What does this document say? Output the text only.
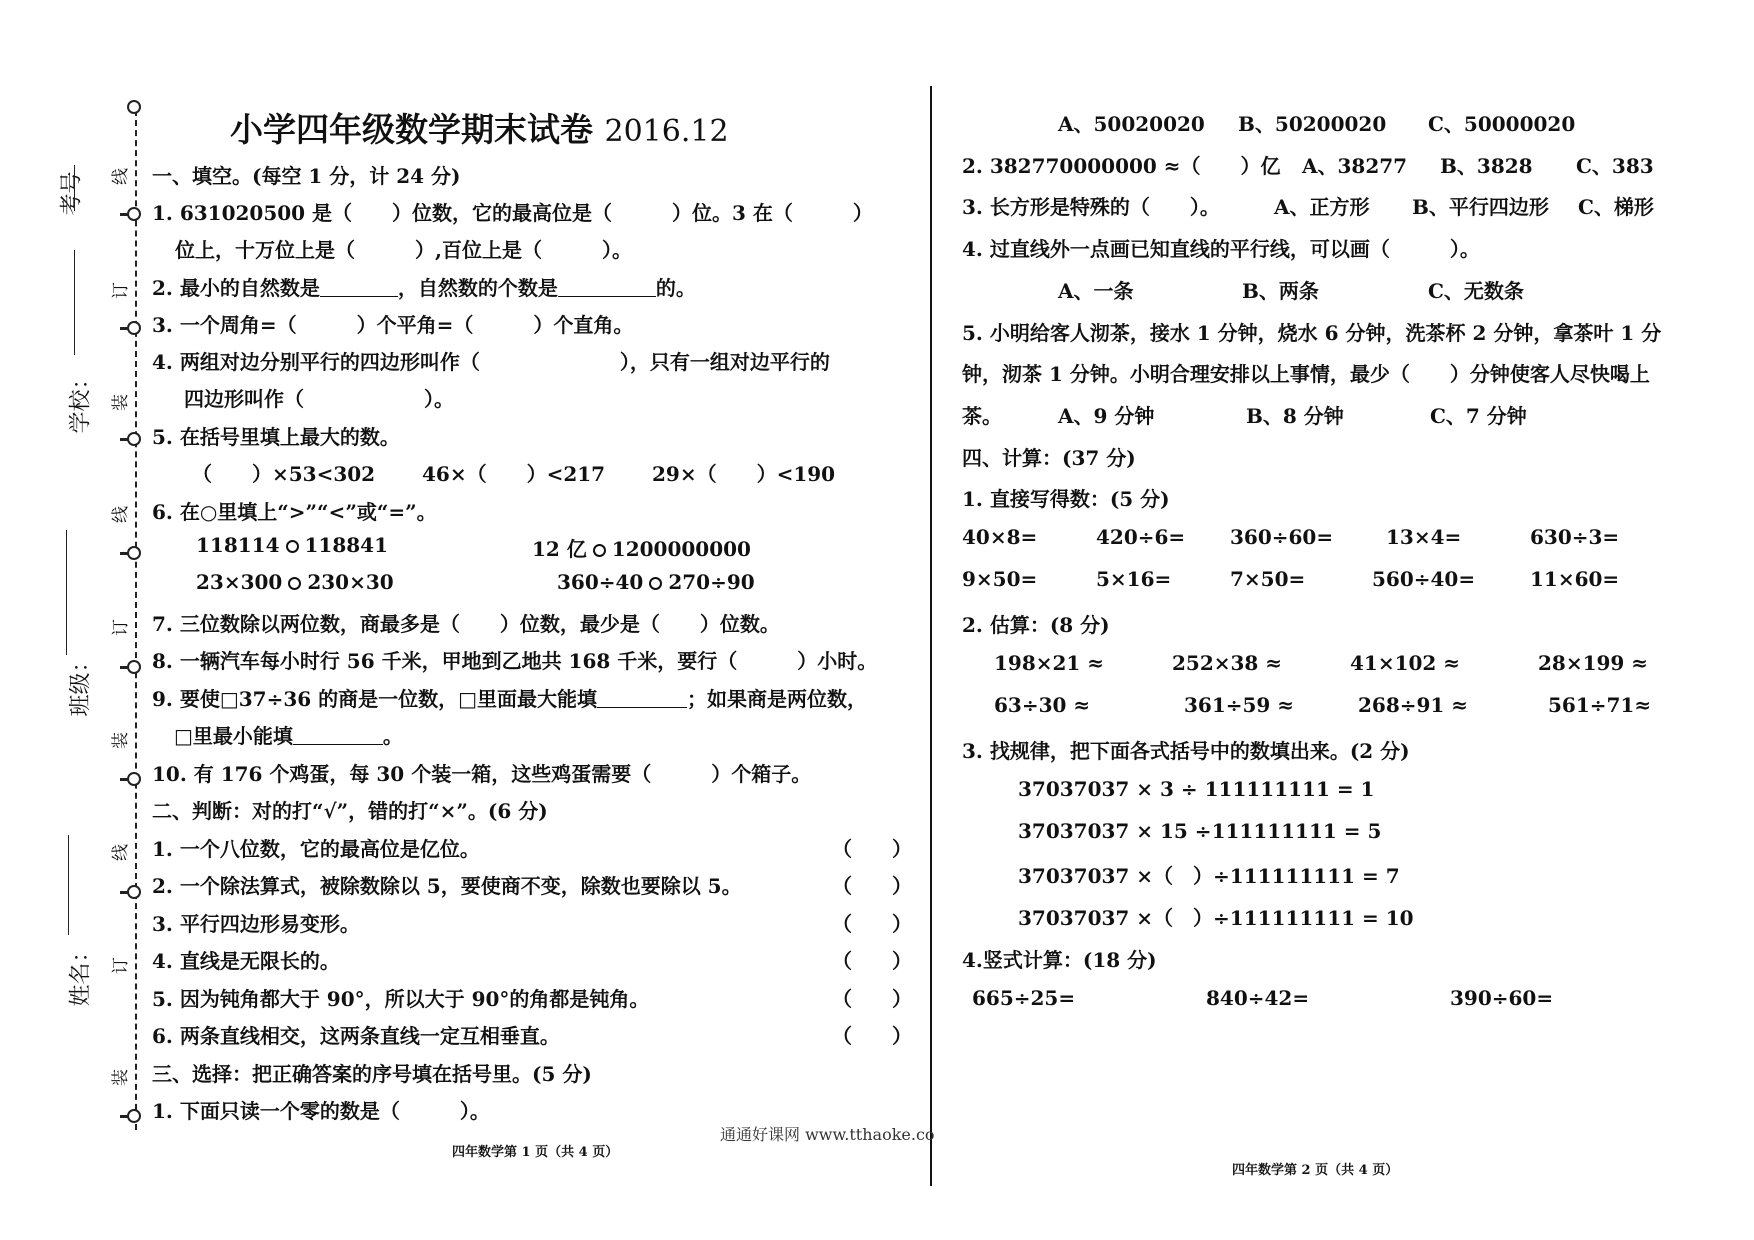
线
订
装
线
订
装
线
订
装
考号
学校：
班级：
姓名：
小学四年级数学期末试卷 2016.12
一、填空。(每空 1 分，计 24 分)
1. 631020500 是（　　）位数，它的最高位是（　　　）位。3 在（　　　）
位上，十万位上是（　　　）,百位上是（　　　）。
2. 最小的自然数是	，自然数的个数是	的。
3. 一个周角=（　　　）个平角=（　　　）个直角。
4. 两组对边分别平行的四边形叫作（　　　　　　　），只有一组对边平行的
四边形叫作（　　　　　　）。
5. 在括号里填上最大的数。
（　　）×53<302 46×（　　）<217 29×（　　）<190
6. 在○里填上“>”“<”或“=”。
118114 118841	12 亿 1200000000
23×300 230×30	360÷40 270÷90
7. 三位数除以两位数，商最多是（　　）位数，最少是（　　）位数。
8. 一辆汽车每小时行 56 千米，甲地到乙地共 168 千米，要行（　　　）小时。
9. 要使□37÷36 的商是一位数，□里面最大能填	；如果商是两位数，
□里最小能填	。
10. 有 176 个鸡蛋，每 30 个装一箱，这些鸡蛋需要（　　　）个箱子。
二、判断：对的打“√”，错的打“×”。(6 分)
1. 一个八位数，它的最高位是亿位。	（　　）
2. 一个除法算式，被除数除以 5，要使商不变，除数也要除以 5。	（　　）
3. 平行四边形易变形。	（　　）
4. 直线是无限长的。	（　　）
5. 因为钝角都大于 90°，所以大于 90°的角都是钝角。	（　　）
6. 两条直线相交，这两条直线一定互相垂直。	（　　）
三、选择：把正确答案的序号填在括号里。(5 分)
1. 下面只读一个零的数是（　　　）。
四年数学第 1 页（共 4 页）
通通好课网 www.tthaoke.co
A、50020020 B、50200020 C、50000020
2. 382770000000 ≈（　　）亿 A、38277 B、3828 C、383
3. 长方形是特殊的（　　）。	A、正方形 B、平行四边形 C、梯形
4. 过直线外一点画已知直线的平行线，可以画（　　　）。
A、一条	B、两条	C、无数条
5. 小明给客人沏茶，接水 1 分钟，烧水 6 分钟，洗茶杯 2 分钟，拿茶叶 1 分
钟，沏茶 1 分钟。小明合理安排以上事情，最少（　　）分钟使客人尽快喝上
茶。	A、9 分钟	B、8 分钟	C、7 分钟
四、计算：(37 分)
1. 直接写得数：(5 分)
40×8=	420÷6= 360÷60=	13×4=	630÷3=
9×50=	5×16=	7×50=	560÷40=	11×60=
2. 估算：(8 分)
198×21 ≈	252×38 ≈	41×102 ≈	28×199 ≈
63÷30 ≈	361÷59 ≈	268÷91 ≈	561÷71≈
3. 找规律，把下面各式括号中的数填出来。(2 分)
37037037 × 3 ÷ 111111111 = 1
37037037 × 15 ÷111111111 = 5
37037037 ×（　）÷111111111 = 7
37037037 ×（　）÷111111111 = 10
4.竖式计算：(18 分)
665÷25=	840÷42=	390÷60=
四年数学第 2 页（共 4 页）
